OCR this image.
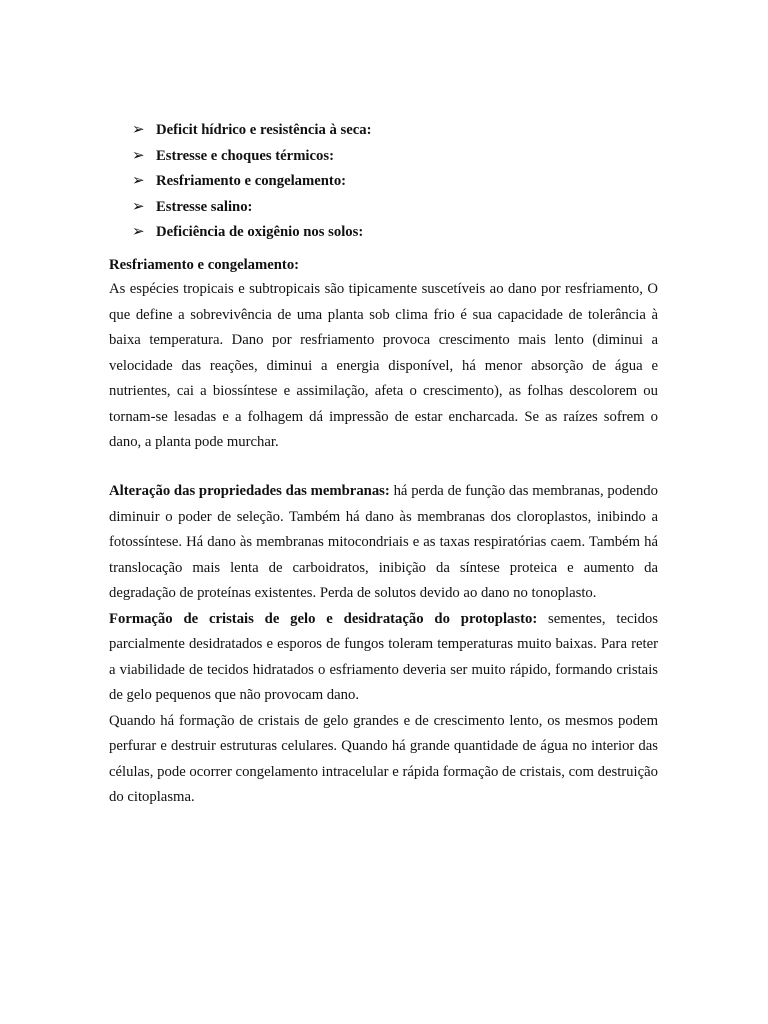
➢ Deficit hídrico e resistência à seca:
➢ Estresse e choques térmicos:
➢ Resfriamento e congelamento:
➢ Estresse salino:
➢ Deficiência de oxigênio nos solos:
Resfriamento e congelamento:

As espécies tropicais e subtropicais são tipicamente suscetíveis ao dano por resfriamento, O que define a sobrevivência de uma planta sob clima frio é sua capacidade de tolerância à baixa temperatura. Dano por resfriamento provoca crescimento mais lento (diminui a velocidade das reações, diminui a energia disponível, há menor absorção de água e nutrientes, cai a biossíntese e assimilação, afeta o crescimento), as folhas descolorem ou tornam-se lesadas e a folhagem dá impressão de estar encharcada. Se as raízes sofrem o dano, a planta pode murchar.

Alteração das propriedades das membranas: há perda de função das membranas, podendo diminuir o poder de seleção. Também há dano às membranas dos cloroplastos, inibindo a fotossíntese. Há dano às membranas mitocondriais e as taxas respiratórias caem. Também há translocação mais lenta de carboidratos, inibição da síntese proteica e aumento da degradação de proteínas existentes. Perda de solutos devido ao dano no tonoplasto.

Formação de cristais de gelo e desidratação do protoplasto: sementes, tecidos parcialmente desidratados e esporos de fungos toleram temperaturas muito baixas. Para reter a viabilidade de tecidos hidratados o esfriamento deveria ser muito rápido, formando cristais de gelo pequenos que não provocam dano.

Quando há formação de cristais de gelo grandes e de crescimento lento, os mesmos podem perfurar e destruir estruturas celulares. Quando há grande quantidade de água no interior das células, pode ocorrer congelamento intracelular e rápida formação de cristais, com destruição do citoplasma.
